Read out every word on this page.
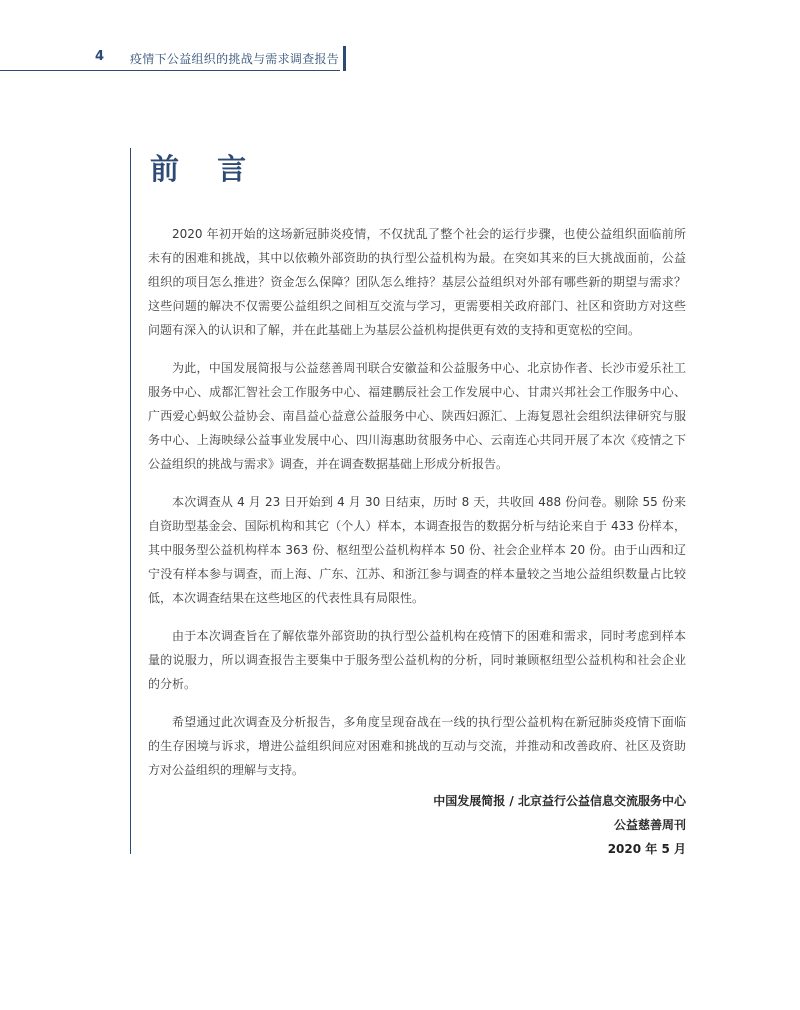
4 疫情下公益组织的挑战与需求调查报告
前 言

2020 年初开始的这场新冠肺炎疫情，不仅扰乱了整个社会的运行步骤，也使公益组织面临前所未有的困难和挑战，其中以依赖外部资助的执行型公益机构为最。在突如其来的巨大挑战面前，公益组织的项目怎么推进？资金怎么保障？团队怎么维持？基层公益组织对外部有哪些新的期望与需求？这些问题的解决不仅需要公益组织之间相互交流与学习，更需要相关政府部门、社区和资助方对这些问题有深入的认识和了解，并在此基础上为基层公益机构提供更有效的支持和更宽松的空间。

为此，中国发展简报与公益慈善周刊联合安徽益和公益服务中心、北京协作者、长沙市爱乐社工服务中心、成都汇智社会工作服务中心、福建鹏辰社会工作发展中心、甘肃兴邦社会工作服务中心、广西爱心蚂蚁公益协会、南昌益心益意公益服务中心、陕西妇源汇、上海复恩社会组织法律研究与服务中心、上海映绿公益事业发展中心、四川海惠助贫服务中心、云南连心共同开展了本次《疫情之下公益组织的挑战与需求》调查，并在调查数据基础上形成分析报告。

本次调查从 4 月 23 日开始到 4 月 30 日结束，历时 8 天，共收回 488 份问卷。剔除 55 份来自资助型基金会、国际机构和其它（个人）样本，本调查报告的数据分析与结论来自于 433 份样本，其中服务型公益机构样本 363 份、枢纽型公益机构样本 50 份、社会企业样本 20 份。由于山西和辽宁没有样本参与调查，而上海、广东、江苏、和浙江参与调查的样本量较之当地公益组织数量占比较低，本次调查结果在这些地区的代表性具有局限性。

由于本次调查旨在了解依靠外部资助的执行型公益机构在疫情下的困难和需求，同时考虑到样本量的说服力，所以调查报告主要集中于服务型公益机构的分析，同时兼顾枢纽型公益机构和社会企业的分析。

希望通过此次调查及分析报告，多角度呈现奋战在一线的执行型公益机构在新冠肺炎疫情下面临的生存困境与诉求，增进公益组织间应对困难和挑战的互动与交流，并推动和改善政府、社区及资助方对公益组织的理解与支持。

中国发展简报 / 北京益行公益信息交流服务中心
公益慈善周刊
2020 年 5 月
